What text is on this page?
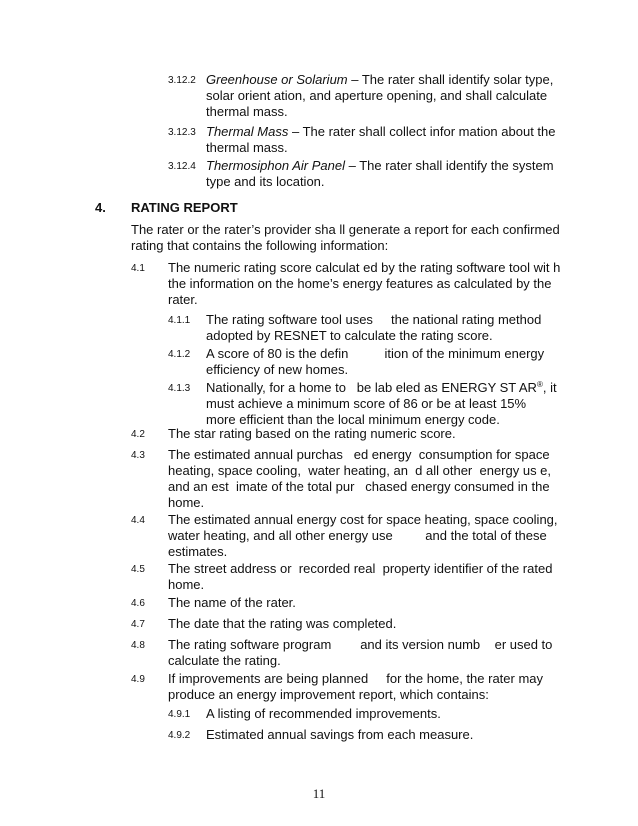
3.12.2 Greenhouse or Solarium – The rater shall identify solar type,
solar orient ation, and aperture opening, and shall calculate
thermal mass.
3.12.3 Thermal Mass – The rater shall collect infor mation about the
thermal mass.
3.12.4 Thermosiphon Air Panel – The rater shall identify the system
type and its location.
4. RATING REPORT
The rater or the rater’s provider sha ll generate a report for each confirmed
rating that contains the following information:
4.1 The numeric rating score calculat ed by the rating software tool wit h
the information on the home’s energy features as calculated by the
rater.
4.1.1 The rating software tool uses     the national rating method
adopted by RESNET to calculate the rating score.
4.1.2 A score of 80 is the defin          ition of the minimum energy
efficiency of new homes.
4.1.3 Nationally, for a home to   be lab eled as ENERGY ST AR®, it
must achieve a minimum score of 86 or be at least 15%
more efficient than the local minimum energy code.
4.2 The star rating based on the rating numeric score.
4.3 The estimated annual purchas   ed energy  consumption for space
heating, space cooling,  water heating, an  d all other  energy us e,
and an est  imate of the total pur   chased energy consumed in the
home.
4.4 The estimated annual energy cost for space heating, space cooling,
water heating, and all other energy use         and the total of these
estimates.
4.5 The street address or  recorded real  property identifier of the rated
home.
4.6 The name of the rater.
4.7 The date that the rating was completed.
4.8 The rating software program        and its version numb    er used to
calculate the rating.
4.9 If improvements are being planned     for the home, the rater may
produce an energy improvement report, which contains:
4.9.1 A listing of recommended improvements.
4.9.2 Estimated annual savings from each measure.
11
